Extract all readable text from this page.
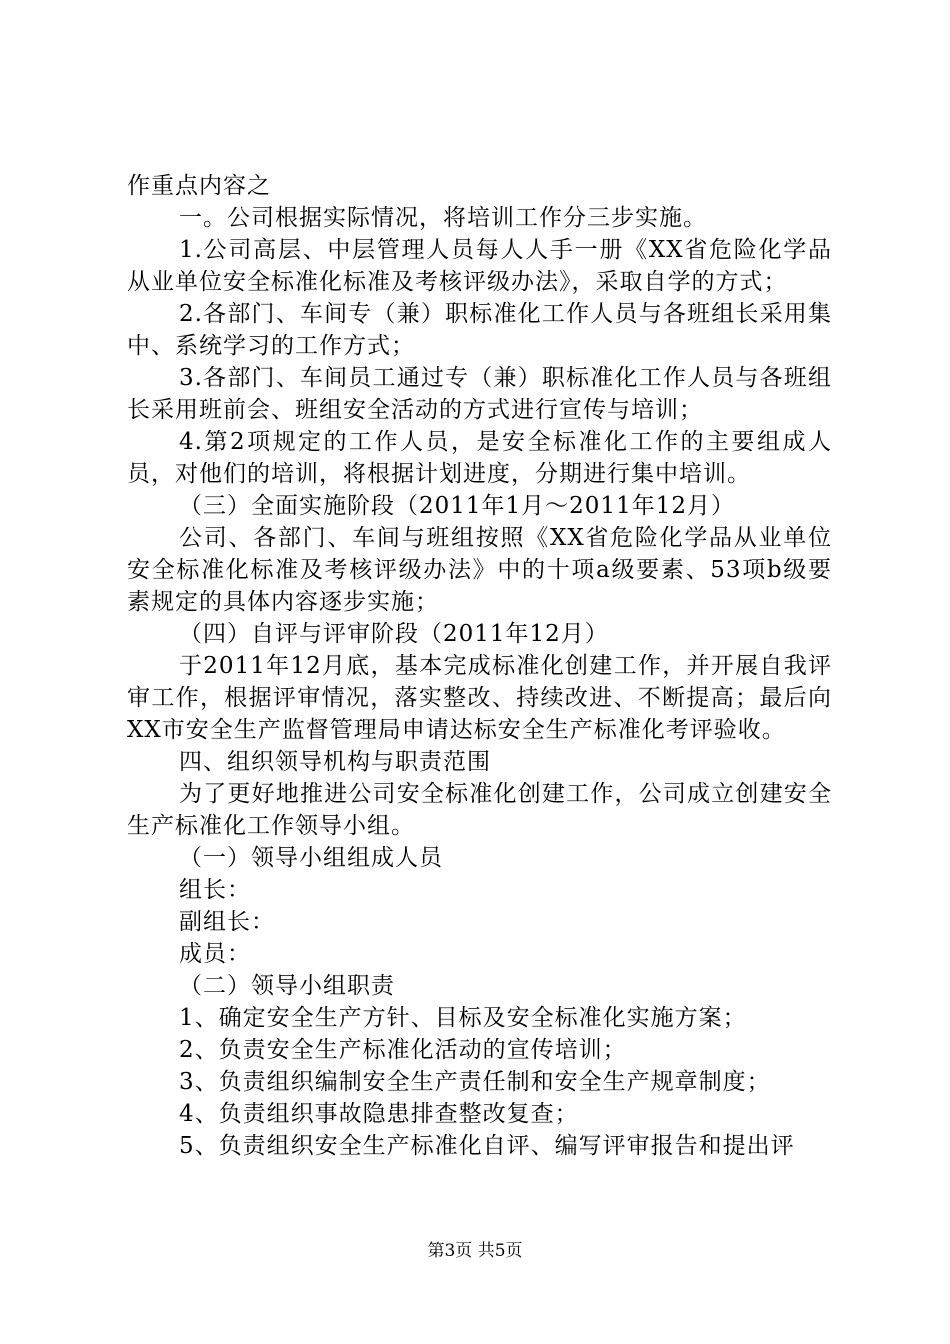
作重点内容之

一。公司根据实际情况，将培训工作分三步实施。

1.公司高层、中层管理人员每人人手一册《XX省危险化学品从业单位安全标准化标准及考核评级办法》，采取自学的方式；

2.各部门、车间专（兼）职标准化工作人员与各班组长采用集中、系统学习的工作方式；

3.各部门、车间员工通过专（兼）职标准化工作人员与各班组长采用班前会、班组安全活动的方式进行宣传与培训；

4.第2项规定的工作人员，是安全标准化工作的主要组成人员，对他们的培训，将根据计划进度，分期进行集中培训。

（三）全面实施阶段（2011年1月～2011年12月）

公司、各部门、车间与班组按照《XX省危险化学品从业单位安全标准化标准及考核评级办法》中的十项a级要素、53项b级要素规定的具体内容逐步实施；

（四）自评与评审阶段（2011年12月）

于2011年12月底，基本完成标准化创建工作，并开展自我评审工作，根据评审情况，落实整改、持续改进、不断提高；最后向XX市安全生产监督管理局申请达标安全生产标准化考评验收。

四、组织领导机构与职责范围

为了更好地推进公司安全标准化创建工作，公司成立创建安全生产标准化工作领导小组。

（一）领导小组组成人员

组长：

副组长：

成员：

（二）领导小组职责

1、确定安全生产方针、目标及安全标准化实施方案；

2、负责安全生产标准化活动的宣传培训；

3、负责组织编制安全生产责任制和安全生产规章制度；

4、负责组织事故隐患排查整改复查；

5、负责组织安全生产标准化自评、编写评审报告和提出评

第3页 共5页
